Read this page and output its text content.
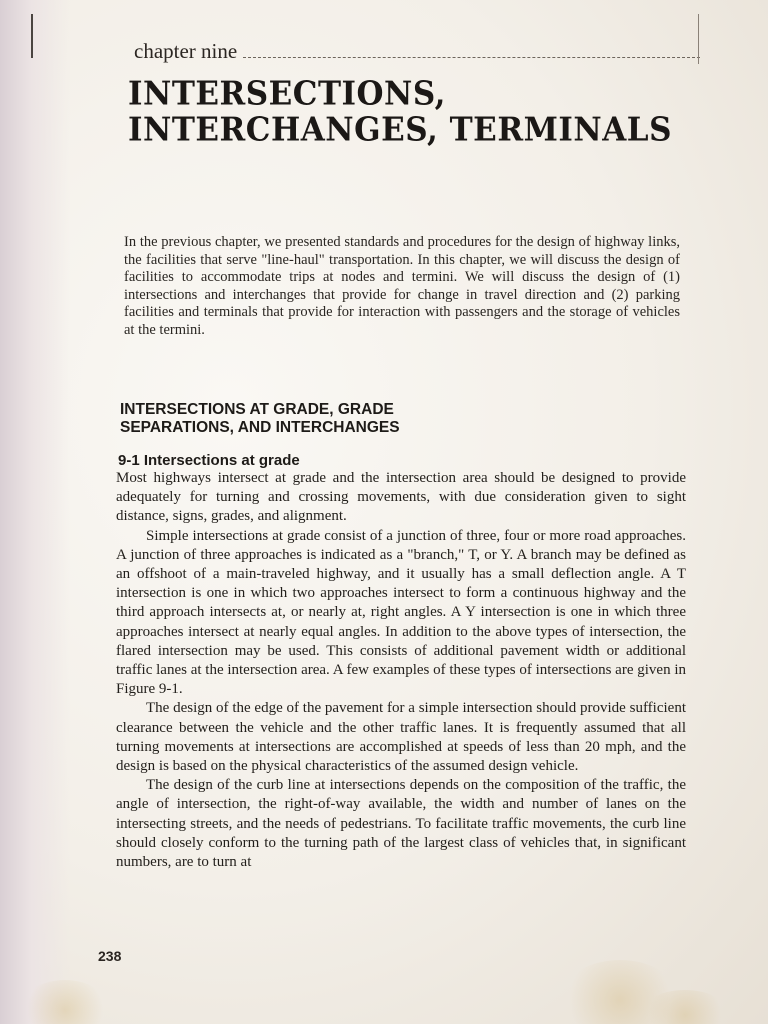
chapter nine
INTERSECTIONS,
INTERCHANGES, TERMINALS
In the previous chapter, we presented standards and procedures for the design of highway links, the facilities that serve "line-haul" transportation. In this chapter, we will discuss the design of facilities to accommodate trips at nodes and termini. We will discuss the design of (1) intersections and interchanges that provide for change in travel direction and (2) parking facilities and terminals that provide for interaction with passengers and the storage of vehicles at the termini.
INTERSECTIONS AT GRADE, GRADE
SEPARATIONS, AND INTERCHANGES
9-1 Intersections at grade

Most highways intersect at grade and the intersection area should be designed to provide adequately for turning and crossing movements, with due consideration given to sight distance, signs, grades, and alignment.

Simple intersections at grade consist of a junction of three, four or more road approaches. A junction of three approaches is indicated as a "branch," T, or Y. A branch may be defined as an offshoot of a main-traveled highway, and it usually has a small deflection angle. A T intersection is one in which two approaches intersect to form a continuous highway and the third approach intersects at, or nearly at, right angles. A Y intersection is one in which three approaches intersect at nearly equal angles. In addition to the above types of intersection, the flared intersection may be used. This consists of additional pavement width or additional traffic lanes at the intersection area. A few examples of these types of intersections are given in Figure 9-1.

The design of the edge of the pavement for a simple intersection should provide sufficient clearance between the vehicle and the other traffic lanes. It is frequently assumed that all turning movements at intersections are accomplished at speeds of less than 20 mph, and the design is based on the physical characteristics of the assumed design vehicle.

The design of the curb line at intersections depends on the composition of the traffic, the angle of intersection, the right-of-way available, the width and number of lanes on the intersecting streets, and the needs of pedestrians. To facilitate traffic movements, the curb line should closely conform to the turning path of the largest class of vehicles that, in significant numbers, are to turn at

238
